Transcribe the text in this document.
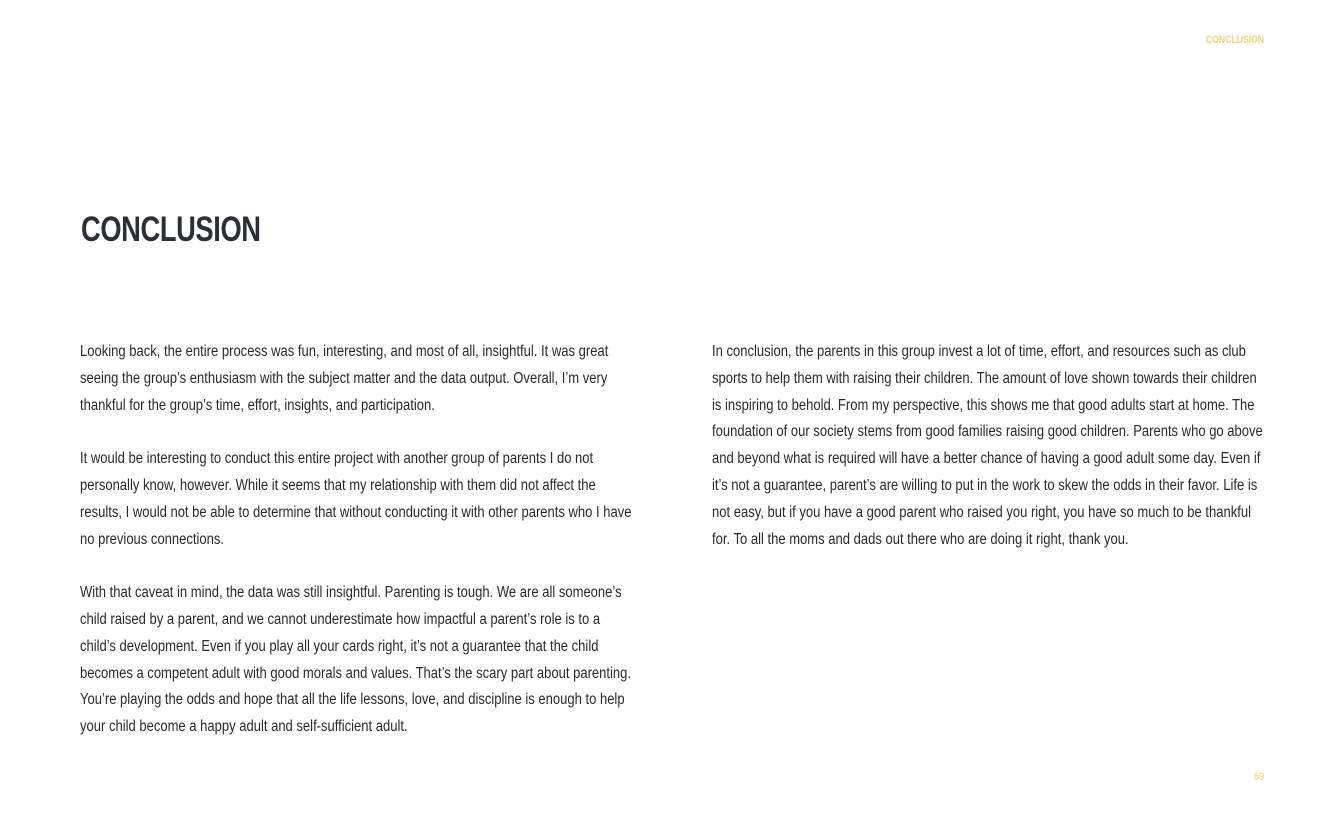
CONCLUSION
CONCLUSION

Looking back, the entire process was fun, interesting, and most of all, insightful. It was great seeing the group’s enthusiasm with the subject matter and the data output. Overall, I’m very thankful for the group’s time, effort, insights, and participation.

It would be interesting to conduct this entire project with another group of parents I do not personally know, however. While it seems that my relationship with them did not affect the results, I would not be able to determine that without conducting it with other parents who I have no previous connections.

With that caveat in mind, the data was still insightful. Parenting is tough. We are all someone’s child raised by a parent, and we cannot underestimate how impactful a parent’s role is to a child’s development. Even if you play all your cards right, it’s not a guarantee that the child becomes a competent adult with good morals and values. That’s the scary part about parenting. You’re playing the odds and hope that all the life lessons, love, and discipline is enough to help your child become a happy adult and self-sufficient adult.

In conclusion, the parents in this group invest a lot of time, effort, and resources such as club sports to help them with raising their children. The amount of love shown towards their children is inspiring to behold. From my perspective, this shows me that good adults start at home. The foundation of our society stems from good families raising good children. Parents who go above and beyond what is required will have a better chance of having a good adult some day. Even if it’s not a guarantee, parent’s are willing to put in the work to skew the odds in their favor. Life is not easy, but if you have a good parent who raised you right, you have so much to be thankful for. To all the moms and dads out there who are doing it right, thank you.

69
